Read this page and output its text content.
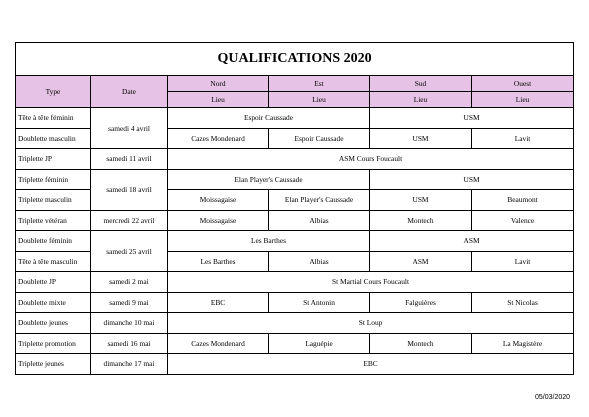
QUALIFICATIONS 2020					
Type	Date	Nord	Est	Sud	Ouest
		Lieu	Lieu	Lieu	Lieu
Tête à tête féminin	samedi 4 avril	Espoir Caussade		USM	
Doublette masculin		Cazes Mondenard	Espoir Caussade	USM	Lavit
Triplette JP	samedi 11 avril	ASM Cours Foucault			
Triplette féminin	samedi 18 avril	Elan Player's Caussade		USM	
Triplette masculin		Moissagaise	Elan Player's Caussade	USM	Beaumont
Triplette vétéran	mercredi 22 avril	Moissagaise	Albias	Montech	Valence
Doublette féminin	samedi 25 avril	Les Barthes		ASM	
Tête à tête masculin		Les Barthes	Albias	ASM	Lavit
Doublette JP	samedi 2 mai	St Martial Cours Foucault			
Doublette mixte	samedi 9 mai	EBC	St Antonin	Falguières	St Nicolas
Doublette jeunes	dimanche 10 mai	St Loup			
Triplette promotion	samedi 16 mai	Cazes Mondenard	Laguépie	Montech	La Magistère
Triplette jeunes	dimanche 17 mai	EBC			
05/03/2020
